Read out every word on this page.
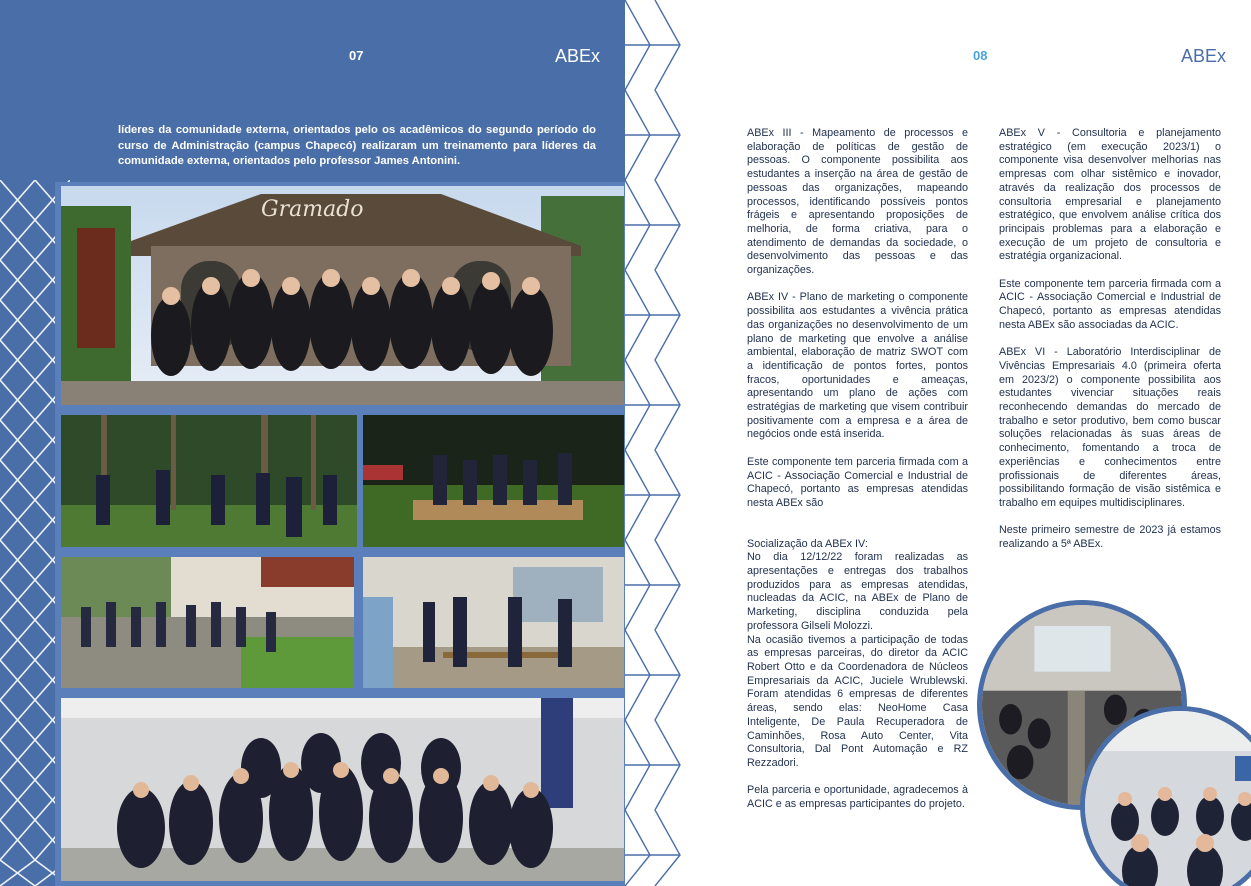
07	ABEx
líderes da comunidade externa, orientados pelo os acadêmicos do segundo período do curso de Administração (campus Chapecó) realizaram um treinamento para líderes da comunidade externa, orientados pelo professor James Antonini.
Gramado
08	ABEx

ABEx III - Mapeamento de processos e elaboração de políticas de gestão de pessoas. O componente possibilita aos estudantes a inserção na área de gestão de pessoas das organizações, mapeando processos, identificando possíveis pontos frágeis e apresentando proposições de melhoria, de forma criativa, para o atendimento de demandas da sociedade, o desenvolvimento das pessoas e das organizações.

ABEx IV - Plano de marketing o componente possibilita aos estudantes a vivência prática das organizações no desenvolvimento de um plano de marketing que envolve a análise ambiental, elaboração de matriz SWOT com a identificação de pontos fortes, pontos fracos, oportunidades e ameaças, apresentando um plano de ações com estratégias de marketing que visem contribuir positivamente com a empresa e a área de negócios onde está inserida.

Este componente tem parceria firmada com a ACIC - Associação Comercial e Industrial de Chapecó, portanto as empresas atendidas nesta ABEx são

Socialização da ABEx IV:
No dia 12/12/22 foram realizadas as apresentações e entregas dos trabalhos produzidos para as empresas atendidas, nucleadas da ACIC, na ABEx de Plano de Marketing, disciplina conduzida pela professora Gilseli Molozzi.

Na ocasião tivemos a participação de todas as empresas parceiras, do diretor da ACIC Robert Otto e da Coordenadora de Núcleos Empresariais da ACIC, Juciele Wrublewski. Foram atendidas 6 empresas de diferentes áreas, sendo elas: NeoHome Casa Inteligente, De Paula Recuperadora de Caminhões, Rosa Auto Center, Vita Consultoria, Dal Pont Automação e RZ Rezzadori.

Pela parceria e oportunidade, agradecemos à ACIC e as empresas participantes do projeto.

ABEx V - Consultoria e planejamento estratégico (em execução 2023/1) o componente visa desenvolver melhorias nas empresas com olhar sistêmico e inovador, através da realização dos processos de consultoria empresarial e planejamento estratégico, que envolvem análise crítica dos principais problemas para a elaboração e execução de um projeto de consultoria e estratégia organizacional.

Este componente tem parceria firmada com a ACIC - Associação Comercial e Industrial de Chapecó, portanto as empresas atendidas nesta ABEx são associadas da ACIC.

ABEx VI - Laboratório Interdisciplinar de Vivências Empresariais 4.0 (primeira oferta em 2023/2) o componente possibilita aos estudantes vivenciar situações reais reconhecendo demandas do mercado de trabalho e setor produtivo, bem como buscar soluções relacionadas às suas áreas de conhecimento, fomentando a troca de experiências e conhecimentos entre profissionais de diferentes áreas, possibilitando formação de visão sistêmica e trabalho em equipes multidisciplinares.

Neste primeiro semestre de 2023 já estamos realizando a 5ª ABEx.
